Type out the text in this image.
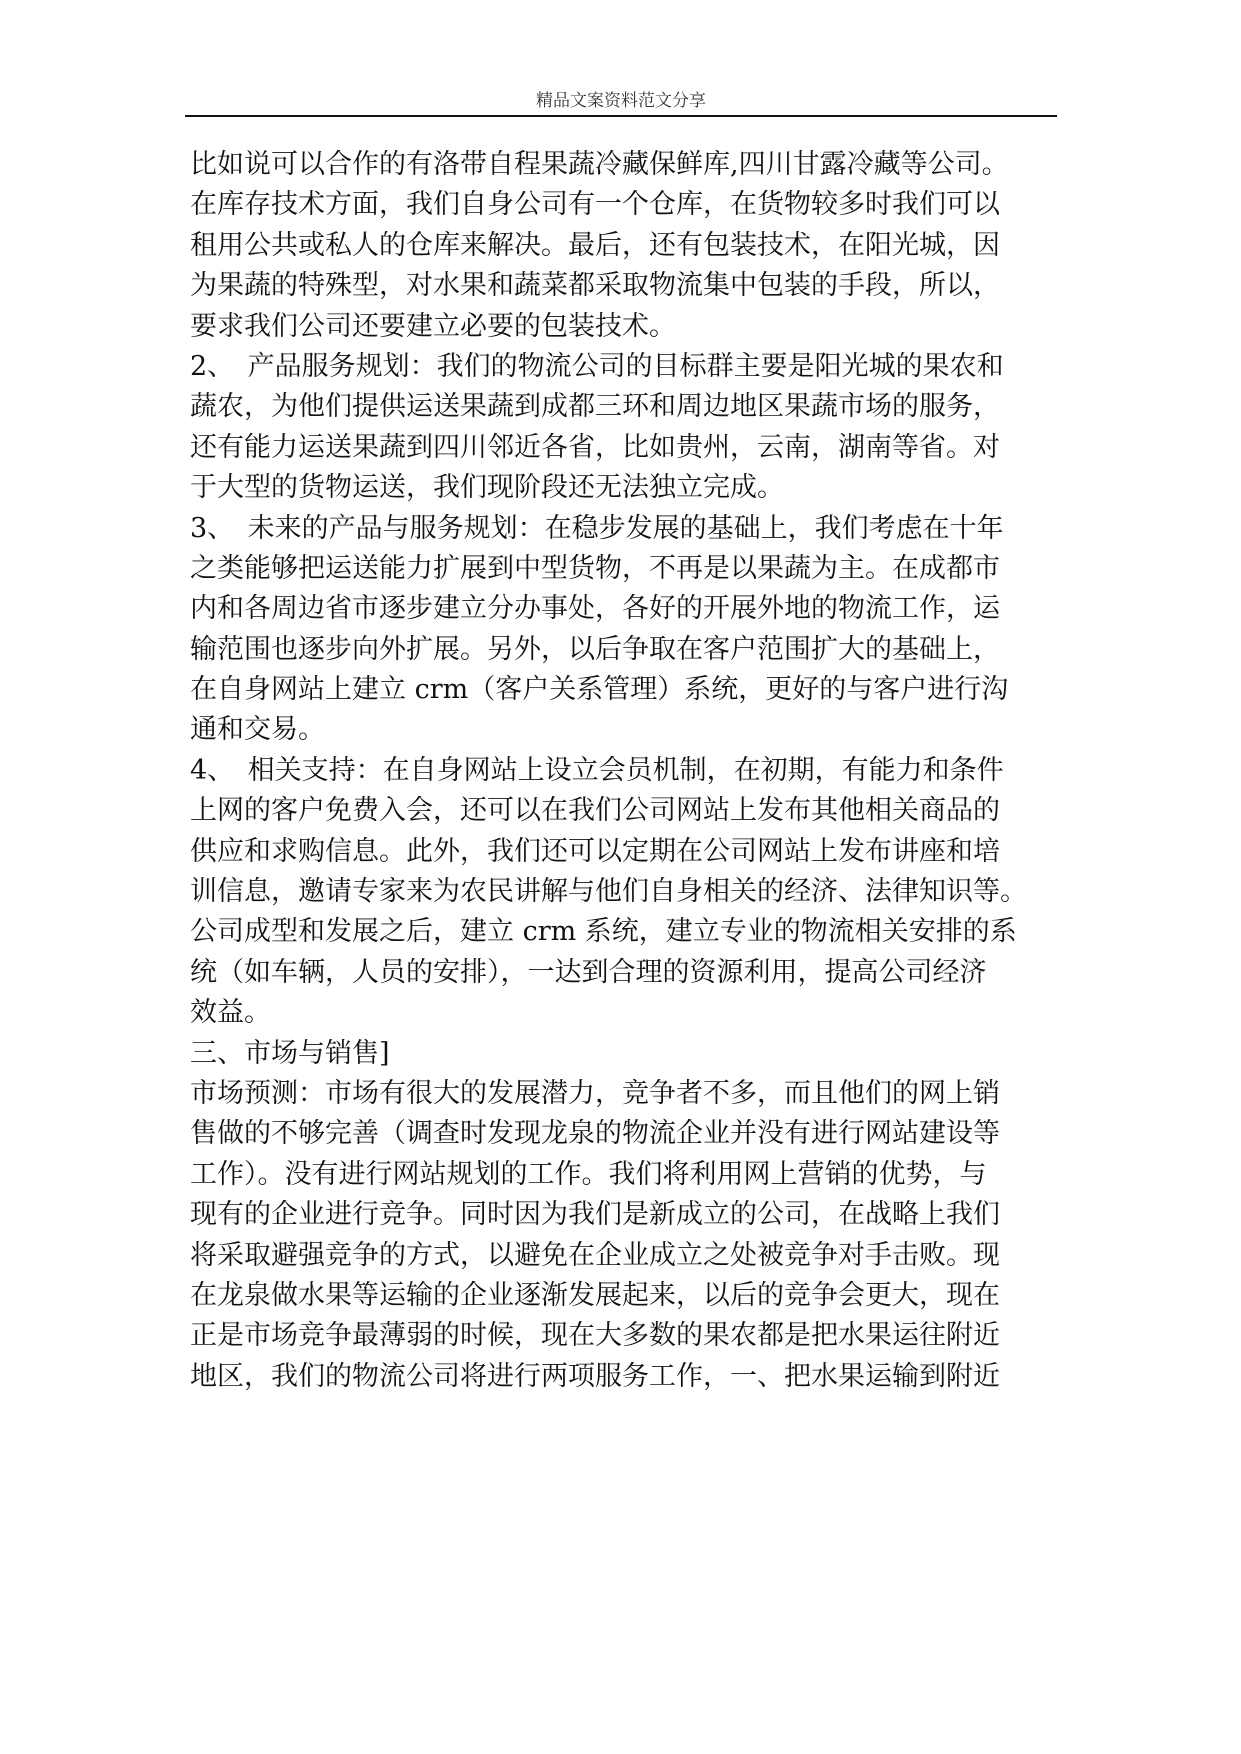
精品文案资料范文分享
比如说可以合作的有洛带自程果蔬冷藏保鲜库,四川甘露冷藏等公司。
在库存技术方面，我们自身公司有一个仓库，在货物较多时我们可以
租用公共或私人的仓库来解决。最后，还有包装技术，在阳光城，因
为果蔬的特殊型，对水果和蔬菜都采取物流集中包装的手段，所以，
要求我们公司还要建立必要的包装技术。
2、　产品服务规划：我们的物流公司的目标群主要是阳光城的果农和
蔬农，为他们提供运送果蔬到成都三环和周边地区果蔬市场的服务，
还有能力运送果蔬到四川邻近各省，比如贵州，云南，湖南等省。对
于大型的货物运送，我们现阶段还无法独立完成。
3、　未来的产品与服务规划：在稳步发展的基础上，我们考虑在十年
之类能够把运送能力扩展到中型货物，不再是以果蔬为主。在成都市
内和各周边省市逐步建立分办事处，各好的开展外地的物流工作，运
输范围也逐步向外扩展。另外，以后争取在客户范围扩大的基础上，
在自身网站上建立 crm（客户关系管理）系统，更好的与客户进行沟
通和交易。
4、　相关支持：在自身网站上设立会员机制，在初期，有能力和条件
上网的客户免费入会，还可以在我们公司网站上发布其他相关商品的
供应和求购信息。此外，我们还可以定期在公司网站上发布讲座和培
训信息，邀请专家来为农民讲解与他们自身相关的经济、法律知识等。
公司成型和发展之后，建立 crm 系统，建立专业的物流相关安排的系
统（如车辆，人员的安排），一达到合理的资源利用，提高公司经济
效益。
三、市场与销售]
市场预测：市场有很大的发展潜力，竞争者不多，而且他们的网上销
售做的不够完善（调查时发现龙泉的物流企业并没有进行网站建设等
工作）。没有进行网站规划的工作。我们将利用网上营销的优势，与
现有的企业进行竞争。同时因为我们是新成立的公司，在战略上我们
将采取避强竞争的方式，以避免在企业成立之处被竞争对手击败。现
在龙泉做水果等运输的企业逐渐发展起来，以后的竞争会更大，现在
正是市场竞争最薄弱的时候，现在大多数的果农都是把水果运往附近
地区，我们的物流公司将进行两项服务工作，一、把水果运输到附近
